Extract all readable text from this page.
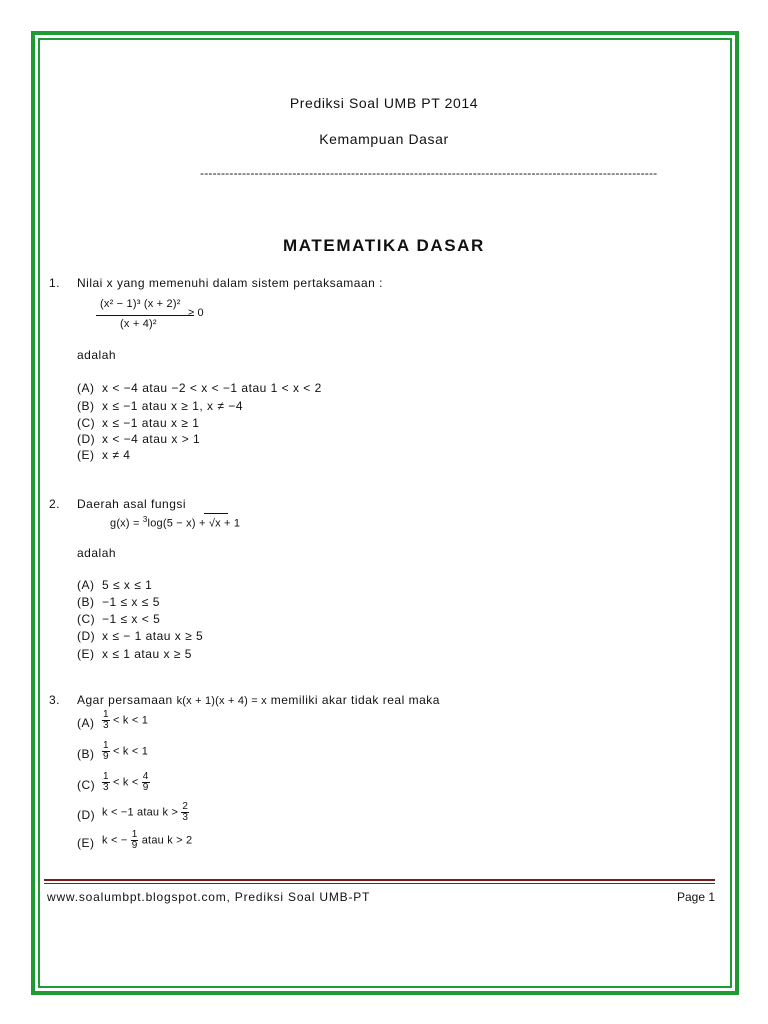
Prediksi Soal UMB PT 2014
Kemampuan Dasar
-------------------------------------------------------------------------------------------------------------
MATEMATIKA DASAR
1. Nilai x yang memenuhi dalam sistem pertaksamaan :
(x² − 1)³ (x + 2)²
(x + 4)²
≥ 0
adalah
(A) x < −4 atau −2 < x < −1 atau 1 < x < 2
(B) x ≤ −1 atau x ≥ 1, x ≠ −4
(C) x ≤ −1 atau x ≥ 1
(D) x < −4 atau x > 1
(E) x ≠ 4
2. Daerah asal fungsi
g(x) = $^3$log(5 − x) + √x + 1
adalah
(A) 5 ≤ x ≤ 1
(B) −1 ≤ x ≤ 5
(C) −1 ≤ x < 5
(D) x ≤ − 1 atau x ≥ 5
(E) x ≤ 1 atau x ≥ 5
3. Agar persamaan k(x + 1)(x + 4) = x memiliki akar tidak real maka
$(A) \frac{1}{3} < k < 1$
$(B) \frac{1}{9} < k < 1$
$(C) \frac{1}{3} < k < \frac{4}{9}$
(D) k < −1 atau $k > \frac{2}{3}$
(E) k < − $\frac{1}{9}$ atau k > 2
www.soalumbpt.blogspot.com, Prediksi Soal UMB-PT	Page 1
